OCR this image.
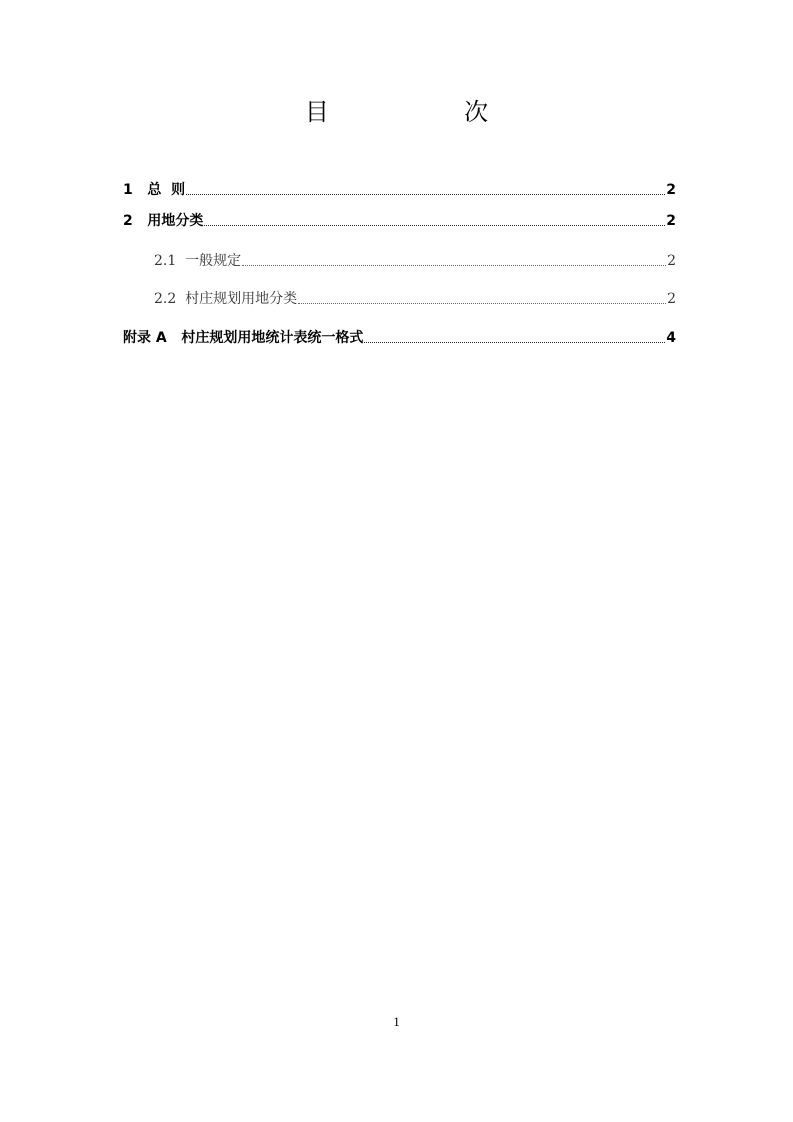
目  次
1   总  则	2
2   用地分类	2
2.1  一般规定	2
2.2  村庄规划用地分类	2
附录 A   村庄规划用地统计表统一格式	4
1
